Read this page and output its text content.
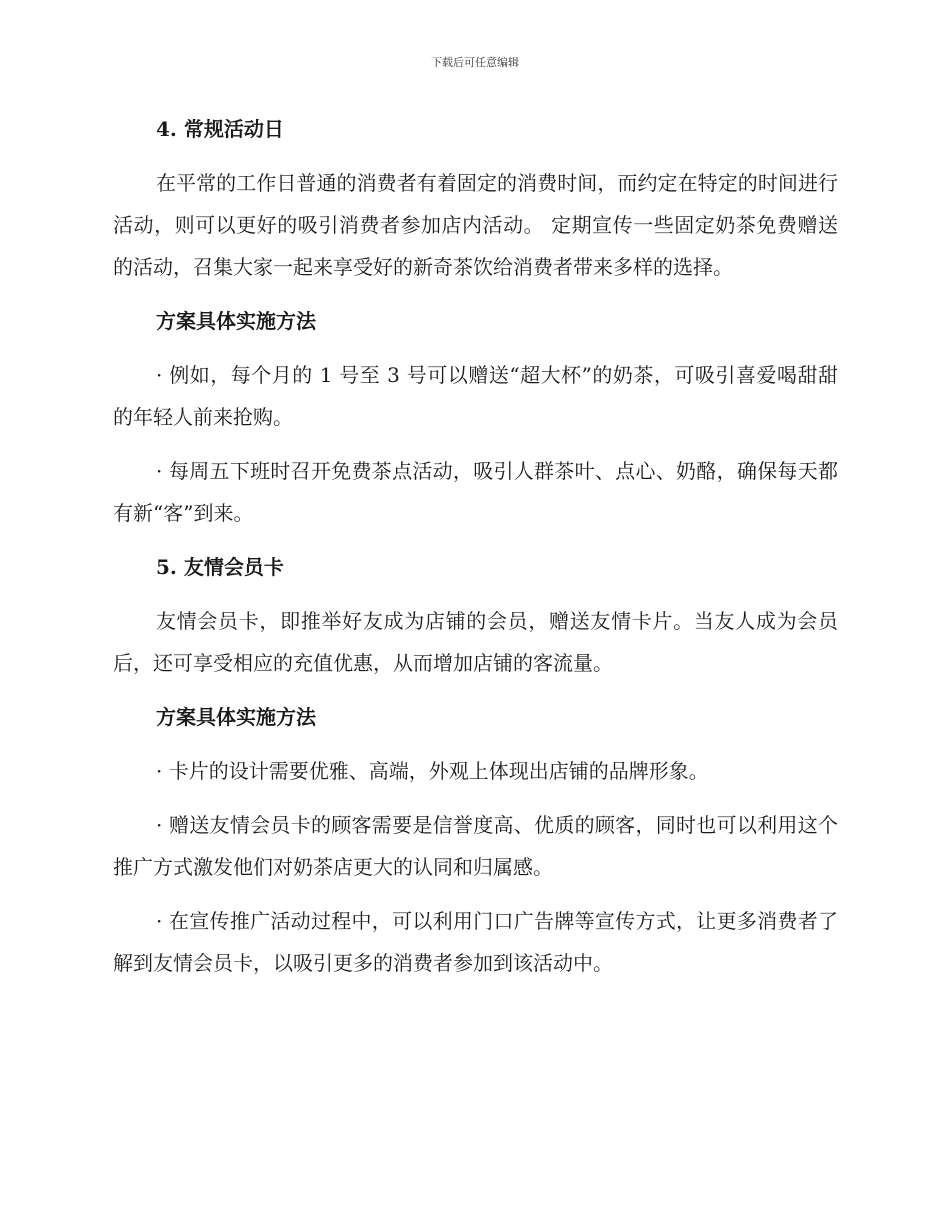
下载后可任意编辑
4. 常规活动日

在平常的工作日普通的消费者有着固定的消费时间，而约定在特定的时间进行活动，则可以更好的吸引消费者参加店内活动。 定期宣传一些固定奶茶免费赠送的活动，召集大家一起来享受好的新奇茶饮给消费者带来多样的选择。

方案具体实施方法

· 例如，每个月的 1 号至 3 号可以赠送“超大杯”的奶茶，可吸引喜爱喝甜甜的年轻人前来抢购。

· 每周五下班时召开免费茶点活动，吸引人群茶叶、点心、奶酪，确保每天都有新“客”到来。

5. 友情会员卡

友情会员卡，即推举好友成为店铺的会员，赠送友情卡片。当友人成为会员后，还可享受相应的充值优惠，从而增加店铺的客流量。

方案具体实施方法

· 卡片的设计需要优雅、高端，外观上体现出店铺的品牌形象。

· 赠送友情会员卡的顾客需要是信誉度高、优质的顾客，同时也可以利用这个推广方式激发他们对奶茶店更大的认同和归属感。

· 在宣传推广活动过程中，可以利用门口广告牌等宣传方式，让更多消费者了解到友情会员卡，以吸引更多的消费者参加到该活动中。
